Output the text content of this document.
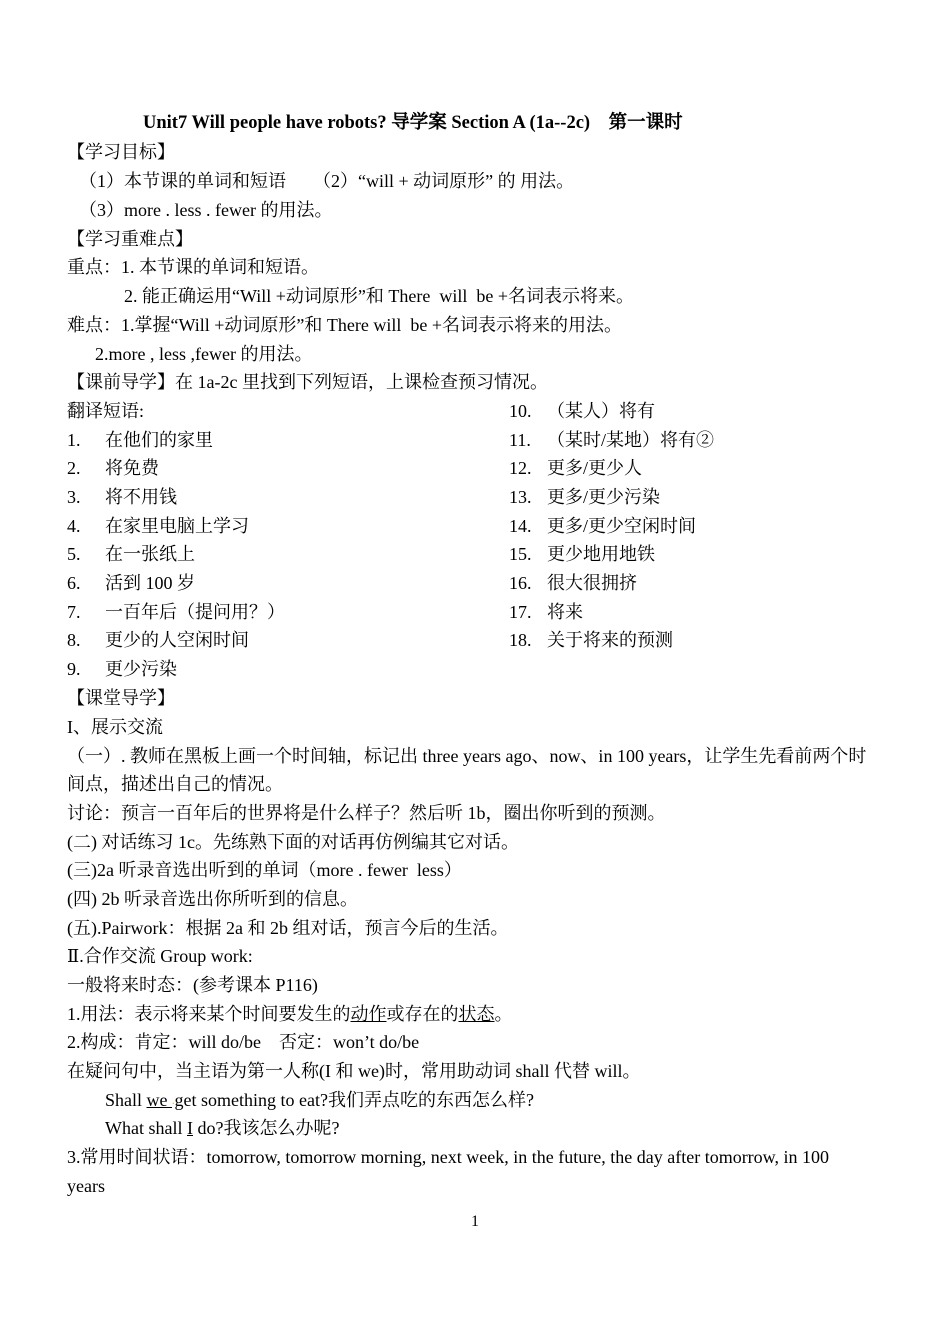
Unit7 Will people have robots? 导学案 Section A (1a--2c)    第一课时
【学习目标】
（1）本节课的单词和短语      （2）“will + 动词原形” 的 用法。
（3）more . less . fewer 的用法。
【学习重难点】
重点：1. 本节课的单词和短语。
2. 能正确运用“Will +动词原形”和 There  will  be +名词表示将来。
难点：1.掌握“Will +动词原形”和 There will  be +名词表示将来的用法。
2.more , less ,fewer 的用法。
【课前导学】在 1a-2c 里找到下列短语，上课检查预习情况。
翻译短语:
1. 在他们的家里
2. 将免费
3. 将不用钱
4. 在家里电脑上学习
5. 在一张纸上
6. 活到 100 岁
7. 一百年后（提问用？）
8. 更少的人空闲时间
9. 更少污染
10. （某人）将有
11. （某时/某地）将有②
12. 更多/更少人
13. 更多/更少污染
14. 更多/更少空闲时间
15. 更少地用地铁
16. 很大很拥挤
17. 将来
18. 关于将来的预测
【课堂导学】
I、展示交流
（一）. 教师在黑板上画一个时间轴，标记出 three years ago、now、in 100 years，让学生先看前两个时
间点，描述出自己的情况。
讨论：预言一百年后的世界将是什么样子？然后听 1b，圈出你听到的预测。
(二) 对话练习 1c。先练熟下面的对话再仿例编其它对话。
(三)2a 听录音选出听到的单词（more . fewer  less）
(四) 2b 听录音选出你所听到的信息。
(五).Pairwork：根据 2a 和 2b 组对话，预言今后的生活。
Ⅱ.合作交流 Group work:
一般将来时态：(参考课本 P116)
1.用法：表示将来某个时间要发生的动作或存在的状态。
2.构成：肯定：will do/be    否定：won’t do/be
在疑问句中，当主语为第一人称(I 和 we)时，常用助动词 shall 代替 will。
Shall we .get something to eat?我们弄点吃的东西怎么样?
What shall I do?我该怎么办呢?
3.常用时间状语：tomorrow, tomorrow morning, next week, in the future, the day after tomorrow, in 100
years
1
